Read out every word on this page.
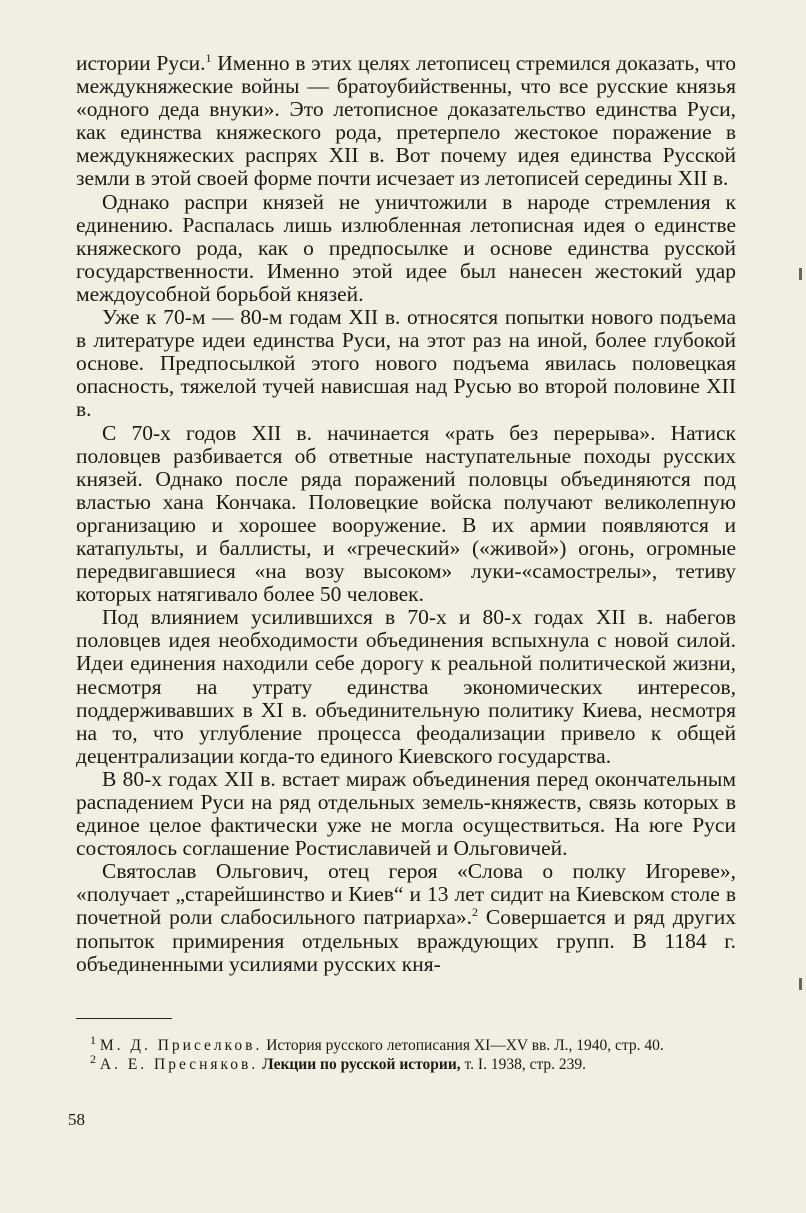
истории Руси.$^1$ Именно в этих целях летописец стремился доказать, что междукняжеские войны — братоубийственны, что все русские князья «одного деда внуки». Это летописное доказательство единства Руси, как единства княжеского рода, претерпело жестокое поражение в междукняжеских распрях XII в. Вот почему идея единства Русской земли в этой своей форме почти исчезает из летописей середины XII в.

Однако распри князей не уничтожили в народе стремления к единению. Распалась лишь излюбленная летописная идея о единстве княжеского рода, как о предпосылке и основе единства русской государственности. Именно этой идее был нанесен жестокий удар междоусобной борьбой князей.

Уже к 70-м — 80-м годам XII в. относятся попытки нового подъема в литературе идеи единства Руси, на этот раз на иной, более глубокой основе. Предпосылкой этого нового подъема явилась половецкая опасность, тяжелой тучей нависшая над Русью во второй половине XII в.

С 70-х годов XII в. начинается «рать без перерыва». Натиск половцев разбивается об ответные наступательные походы русских князей. Однако после ряда поражений половцы объединяются под властью хана Кончака. Половецкие войска получают великолепную организацию и хорошее вооружение. В их армии появляются и катапульты, и баллисты, и «греческий» («живой») огонь, огромные передвигавшиеся «на возу высоком» луки-«самострелы», тетиву которых натягивало более 50 человек.

Под влиянием усилившихся в 70-х и 80-х годах XII в. набегов половцев идея необходимости объединения вспыхнула с новой силой. Идеи единения находили себе дорогу к реальной политической жизни, несмотря на утрату единства экономических интересов, поддерживавших в XI в. объединительную политику Киева, несмотря на то, что углубление процесса феодализации привело к общей децентрализации когда-то единого Киевского государства.

В 80-х годах XII в. встает мираж объединения перед окончательным распадением Руси на ряд отдельных земель-княжеств, связь которых в единое целое фактически уже не могла осуществиться. На юге Руси состоялось соглашение Ростиславичей и Ольговичей.

Святослав Ольгович, отец героя «Слова о полку Игореве», «получает „старейшинство и Киев“ и 13 лет сидит на Киевском столе в почетной роли слабосильного патриарха».$^2$ Совершается и ряд других попыток примирения отдельных враждующих групп. В 1184 г. объединенными усилиями русских кня-

$^1$ М. Д. Приселков. История русского летописания XI—XV вв. Л., 1940, стр. 40.

$^2$ А. Е. Пресняков. Лекции по русской истории, т. I. 1938, стр. 239.

58
